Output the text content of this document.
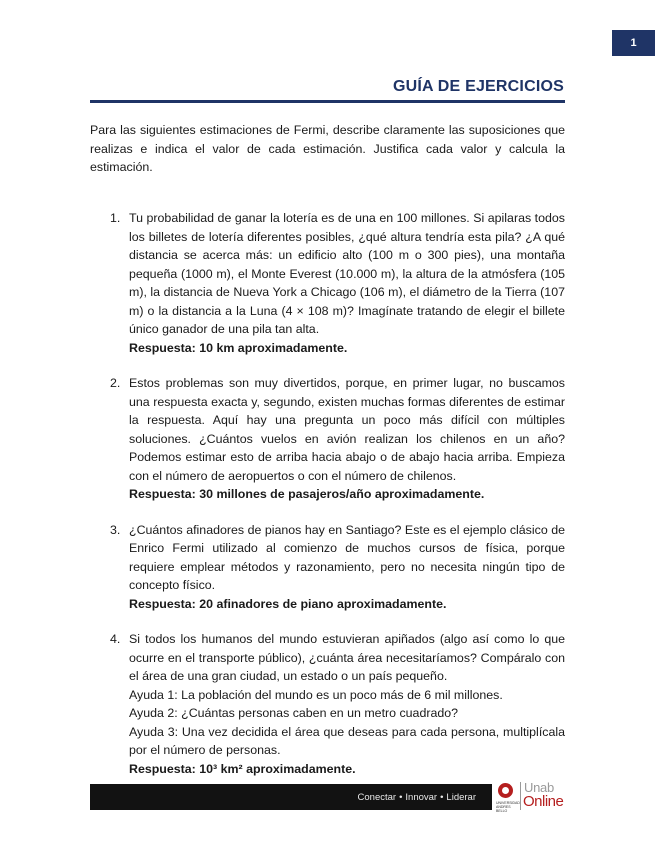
1
GUÍA DE EJERCICIOS

Para las siguientes estimaciones de Fermi, describe claramente las suposiciones que realizas e indica el valor de cada estimación. Justifica cada valor y calcula la estimación.

1. Tu probabilidad de ganar la lotería es de una en 100 millones. Si apilaras todos los billetes de lotería diferentes posibles, ¿qué altura tendría esta pila? ¿A qué distancia se acerca más: un edificio alto (100 m o 300 pies), una montaña pequeña (1000 m), el Monte Everest (10.000 m), la altura de la atmósfera (105 m), la distancia de Nueva York a Chicago (106 m), el diámetro de la Tierra (107 m) o la distancia a la Luna (4 × 108 m)? Imagínate tratando de elegir el billete único ganador de una pila tan alta.

Respuesta: 10 km aproximadamente.

2. Estos problemas son muy divertidos, porque, en primer lugar, no buscamos una respuesta exacta y, segundo, existen muchas formas diferentes de estimar la respuesta. Aquí hay una pregunta un poco más difícil con múltiples soluciones. ¿Cuántos vuelos en avión realizan los chilenos en un año? Podemos estimar esto de arriba hacia abajo o de abajo hacia arriba. Empieza con el número de aeropuertos o con el número de chilenos.

Respuesta: 30 millones de pasajeros/año aproximadamente.

3. ¿Cuántos afinadores de pianos hay en Santiago? Este es el ejemplo clásico de Enrico Fermi utilizado al comienzo de muchos cursos de física, porque requiere emplear métodos y razonamiento, pero no necesita ningún tipo de concepto físico.

Respuesta: 20 afinadores de piano aproximadamente.

4. Si todos los humanos del mundo estuvieran apiñados (algo así como lo que ocurre en el transporte público), ¿cuánta área necesitaríamos? Compáralo con el área de una gran ciudad, un estado o un país pequeño.

Ayuda 1: La población del mundo es un poco más de 6 mil millones.

Ayuda 2: ¿Cuántas personas caben en un metro cuadrado?

Ayuda 3: Una vez decidida el área que deseas para cada persona, multiplícala por el número de personas.

Respuesta: 10³ km² aproximadamente.

Conectar • Innovar • Liderar
UNIVERSIDAD ANDRES BELLO
Unab
Online
